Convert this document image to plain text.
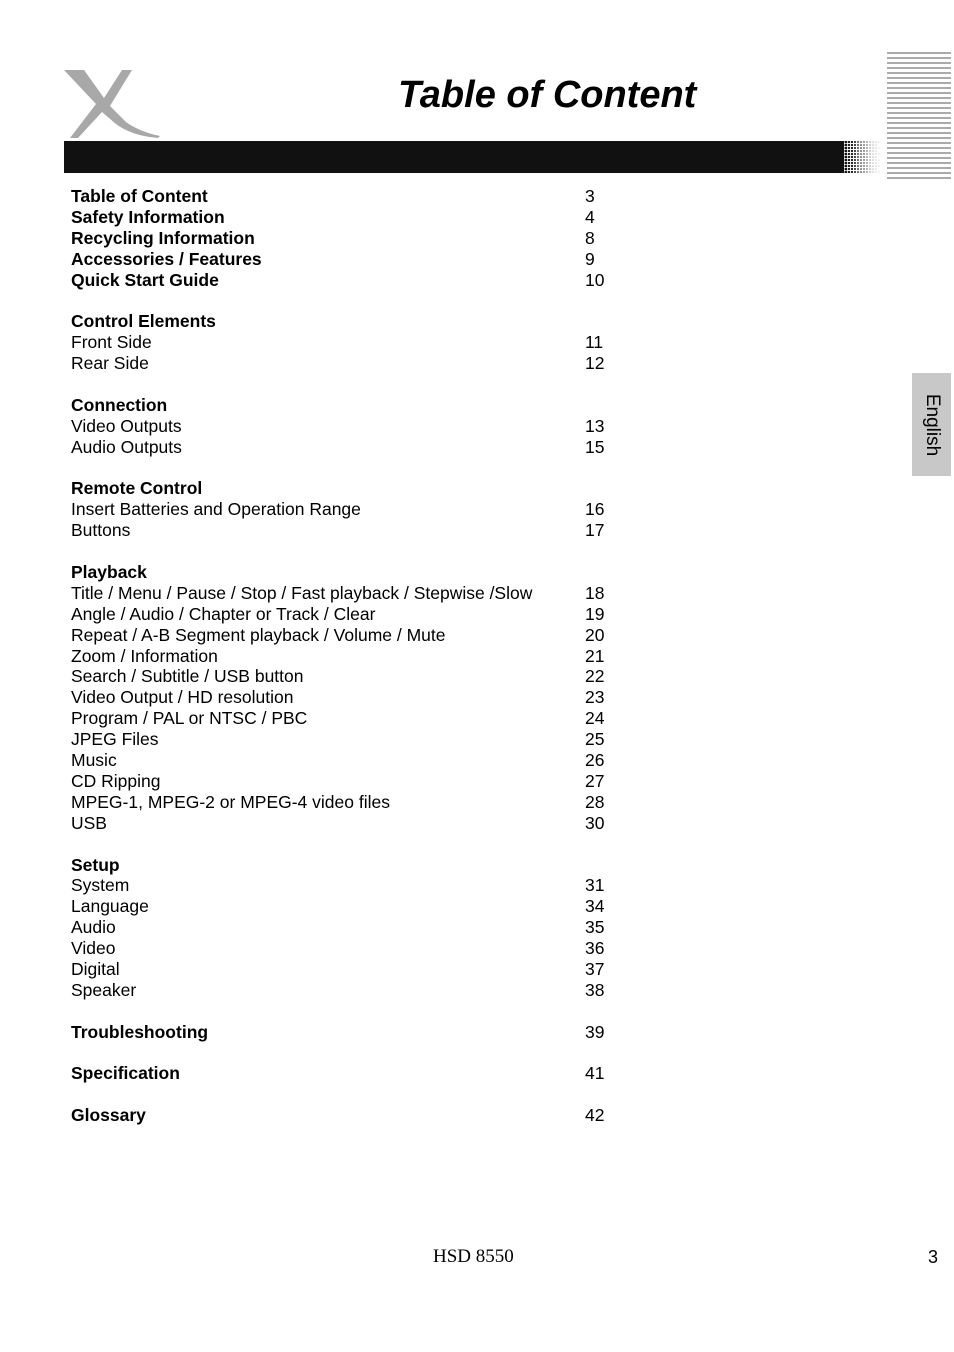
Table of Content
English
Table of Content	3
Safety Information	4
Recycling Information	8
Accessories / Features	9
Quick Start Guide	10
Control Elements
Front Side	11
Rear Side	12
Connection
Video Outputs	13
Audio Outputs	15
Remote Control
Insert Batteries and Operation Range	16
Buttons	17
Playback
Title / Menu / Pause / Stop / Fast playback / Stepwise /Slow	18
Angle / Audio / Chapter or Track / Clear	19
Repeat / A-B Segment playback / Volume / Mute	20
Zoom / Information	21
Search / Subtitle / USB button	22
Video Output / HD resolution	23
Program / PAL or NTSC / PBC	24
JPEG Files	25
Music	26
CD Ripping	27
MPEG-1, MPEG-2 or MPEG-4 video files	28
USB	30
Setup
System	31
Language	34
Audio	35
Video	36
Digital	37
Speaker	38
Troubleshooting	39
Specification	41
Glossary	42
HSD 8550	3
